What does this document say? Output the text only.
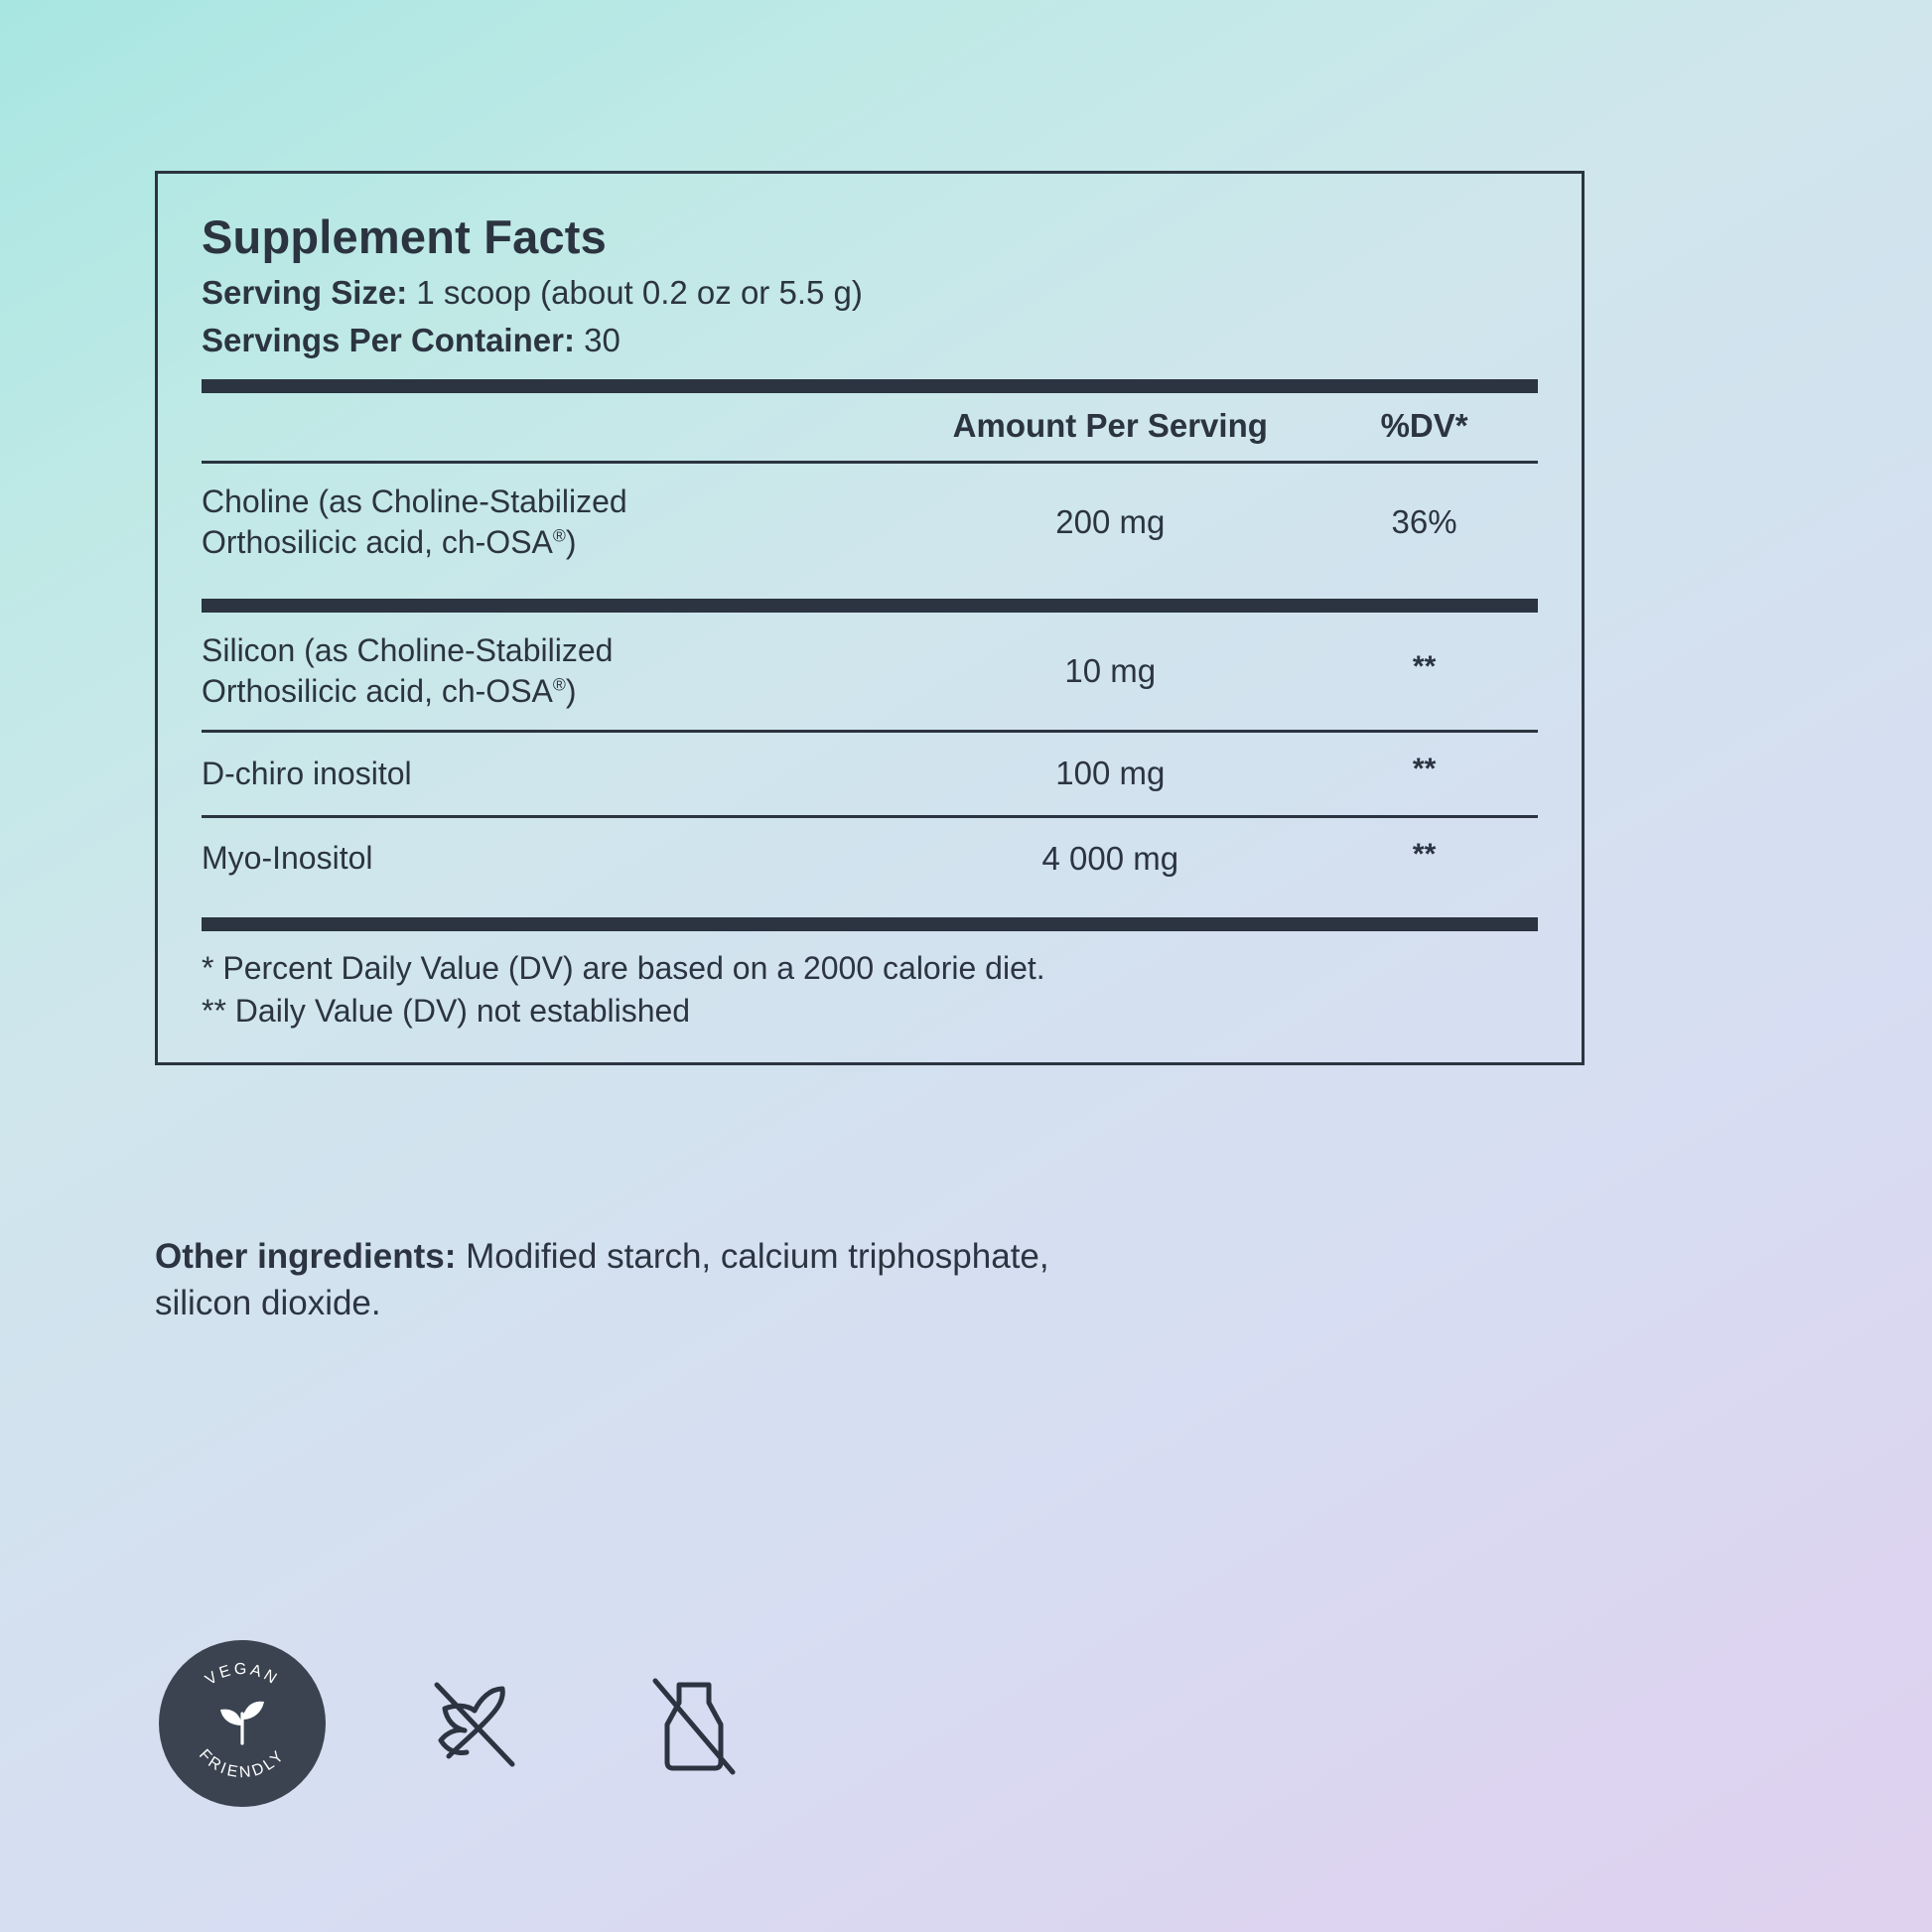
Supplement Facts
Serving Size: 1 scoop (about 0.2 oz or 5.5 g)
Servings Per Container: 30
	Amount Per Serving	%DV*
Choline (as Choline-Stabilized
Orthosilicic acid, ch-OSA®)	200 mg	36%
Silicon (as Choline-Stabilized
Orthosilicic acid, ch-OSA®)	10 mg	**
D-chiro inositol	100 mg	**
Myo-Inositol	4 000 mg	**
* Percent Daily Value (DV) are based on a 2000 calorie diet.
** Daily Value (DV) not established
Other ingredients: Modified starch, calcium triphosphate, silicon dioxide.
VEGAN
FRIENDLY
